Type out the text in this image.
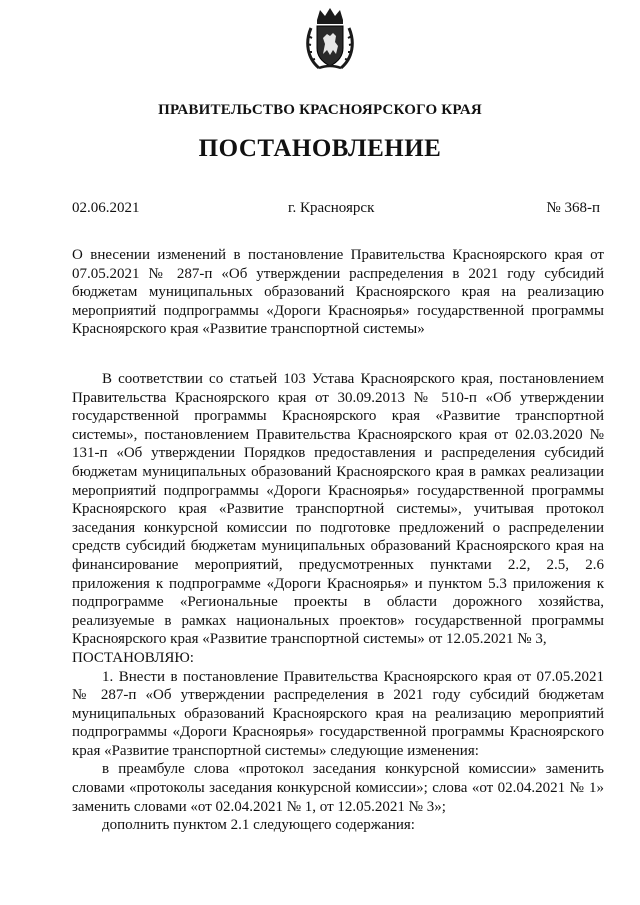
ПРАВИТЕЛЬСТВО КРАСНОЯРСКОГО КРАЯ
ПОСТАНОВЛЕНИЕ
02.06.2021	г. Красноярск	№ 368-п
О внесении изменений в постановление Правительства Красноярского края от 07.05.2021 № 287-п «Об утверждении распределения в 2021 году субсидий бюджетам муниципальных образований Красноярского края на реализацию мероприятий подпрограммы «Дороги Красноярья» государственной программы Красноярского края «Развитие транспортной системы»

В соответствии со статьей 103 Устава Красноярского края, постановлением Правительства Красноярского края от 30.09.2013 № 510-п «Об утверждении государственной программы Красноярского края «Развитие транспортной системы», постановлением Правительства Красноярского края от 02.03.2020 № 131-п «Об утверждении Порядков предоставления и распределения субсидий бюджетам муниципальных образований Красноярского края в рамках реализации мероприятий подпрограммы «Дороги Красноярья» государственной программы Красноярского края «Развитие транспортной системы», учитывая протокол заседания конкурсной комиссии по подготовке предложений о распределении средств субсидий бюджетам муниципальных образований Красноярского края на финансирование мероприятий, предусмотренных пунктами 2.2, 2.5, 2.6 приложения к подпрограмме «Дороги Красноярья» и пунктом 5.3 приложения к подпрограмме «Региональные проекты в области дорожного хозяйства, реализуемые в рамках национальных проектов» государственной программы Красноярского края «Развитие транспортной системы» от 12.05.2021 № 3,

ПОСТАНОВЛЯЮ:

1. Внести в постановление Правительства Красноярского края от 07.05.2021 № 287-п «Об утверждении распределения в 2021 году субсидий бюджетам муниципальных образований Красноярского края на реализацию мероприятий подпрограммы «Дороги Красноярья» государственной программы Красноярского края «Развитие транспортной системы» следующие изменения:

в преамбуле слова «протокол заседания конкурсной комиссии» заменить словами «протоколы заседания конкурсной комиссии»; слова «от 02.04.2021 № 1» заменить словами «от 02.04.2021 № 1, от 12.05.2021 № 3»;

дополнить пунктом 2.1 следующего содержания:
